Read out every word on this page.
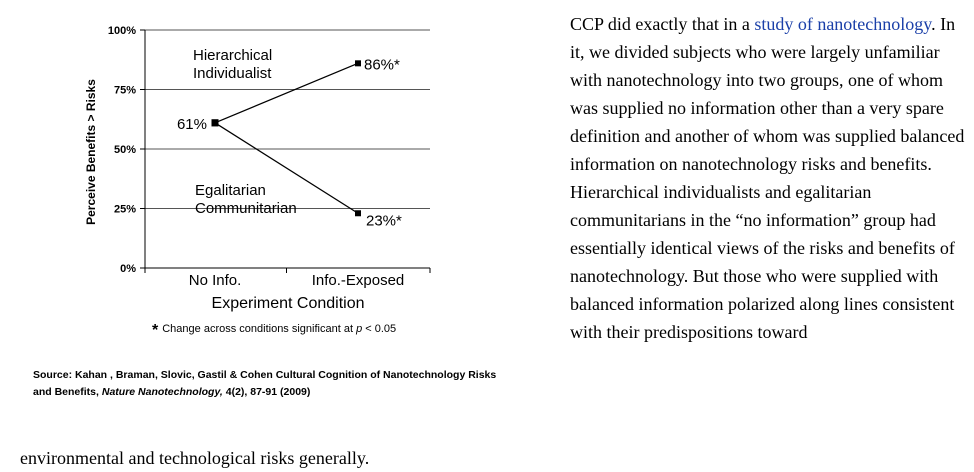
0%
25%
50%
75%
100%
No Info.	Info.-Exposed
61%
86%*
23%*
Hierarchical
Individualist
Egalitarian
Communitarian
Experiment Condition
Perceive Benefits > Risks
* Change across conditions significant at p < 0.05
Source: Kahan , Braman, Slovic, Gastil & Cohen Cultural Cognition of Nanotechnology Risks and Benefits, Nature Nanotechnology, 4(2), 87-91 (2009)
CCP did exactly that in a study of nanotechnology. In it, we divided subjects who were largely unfamiliar with nanotechnology into two groups, one of whom was supplied no information other than a very spare definition and another of whom was supplied balanced information on nanotechnology risks and benefits. Hierarchical individualists and egalitarian communitarians in the “no information” group had essentially identical views of the risks and benefits of nanotechnology. But those who were supplied with balanced information polarized along lines consistent with their predispositions toward
environmental and technological risks generally.
